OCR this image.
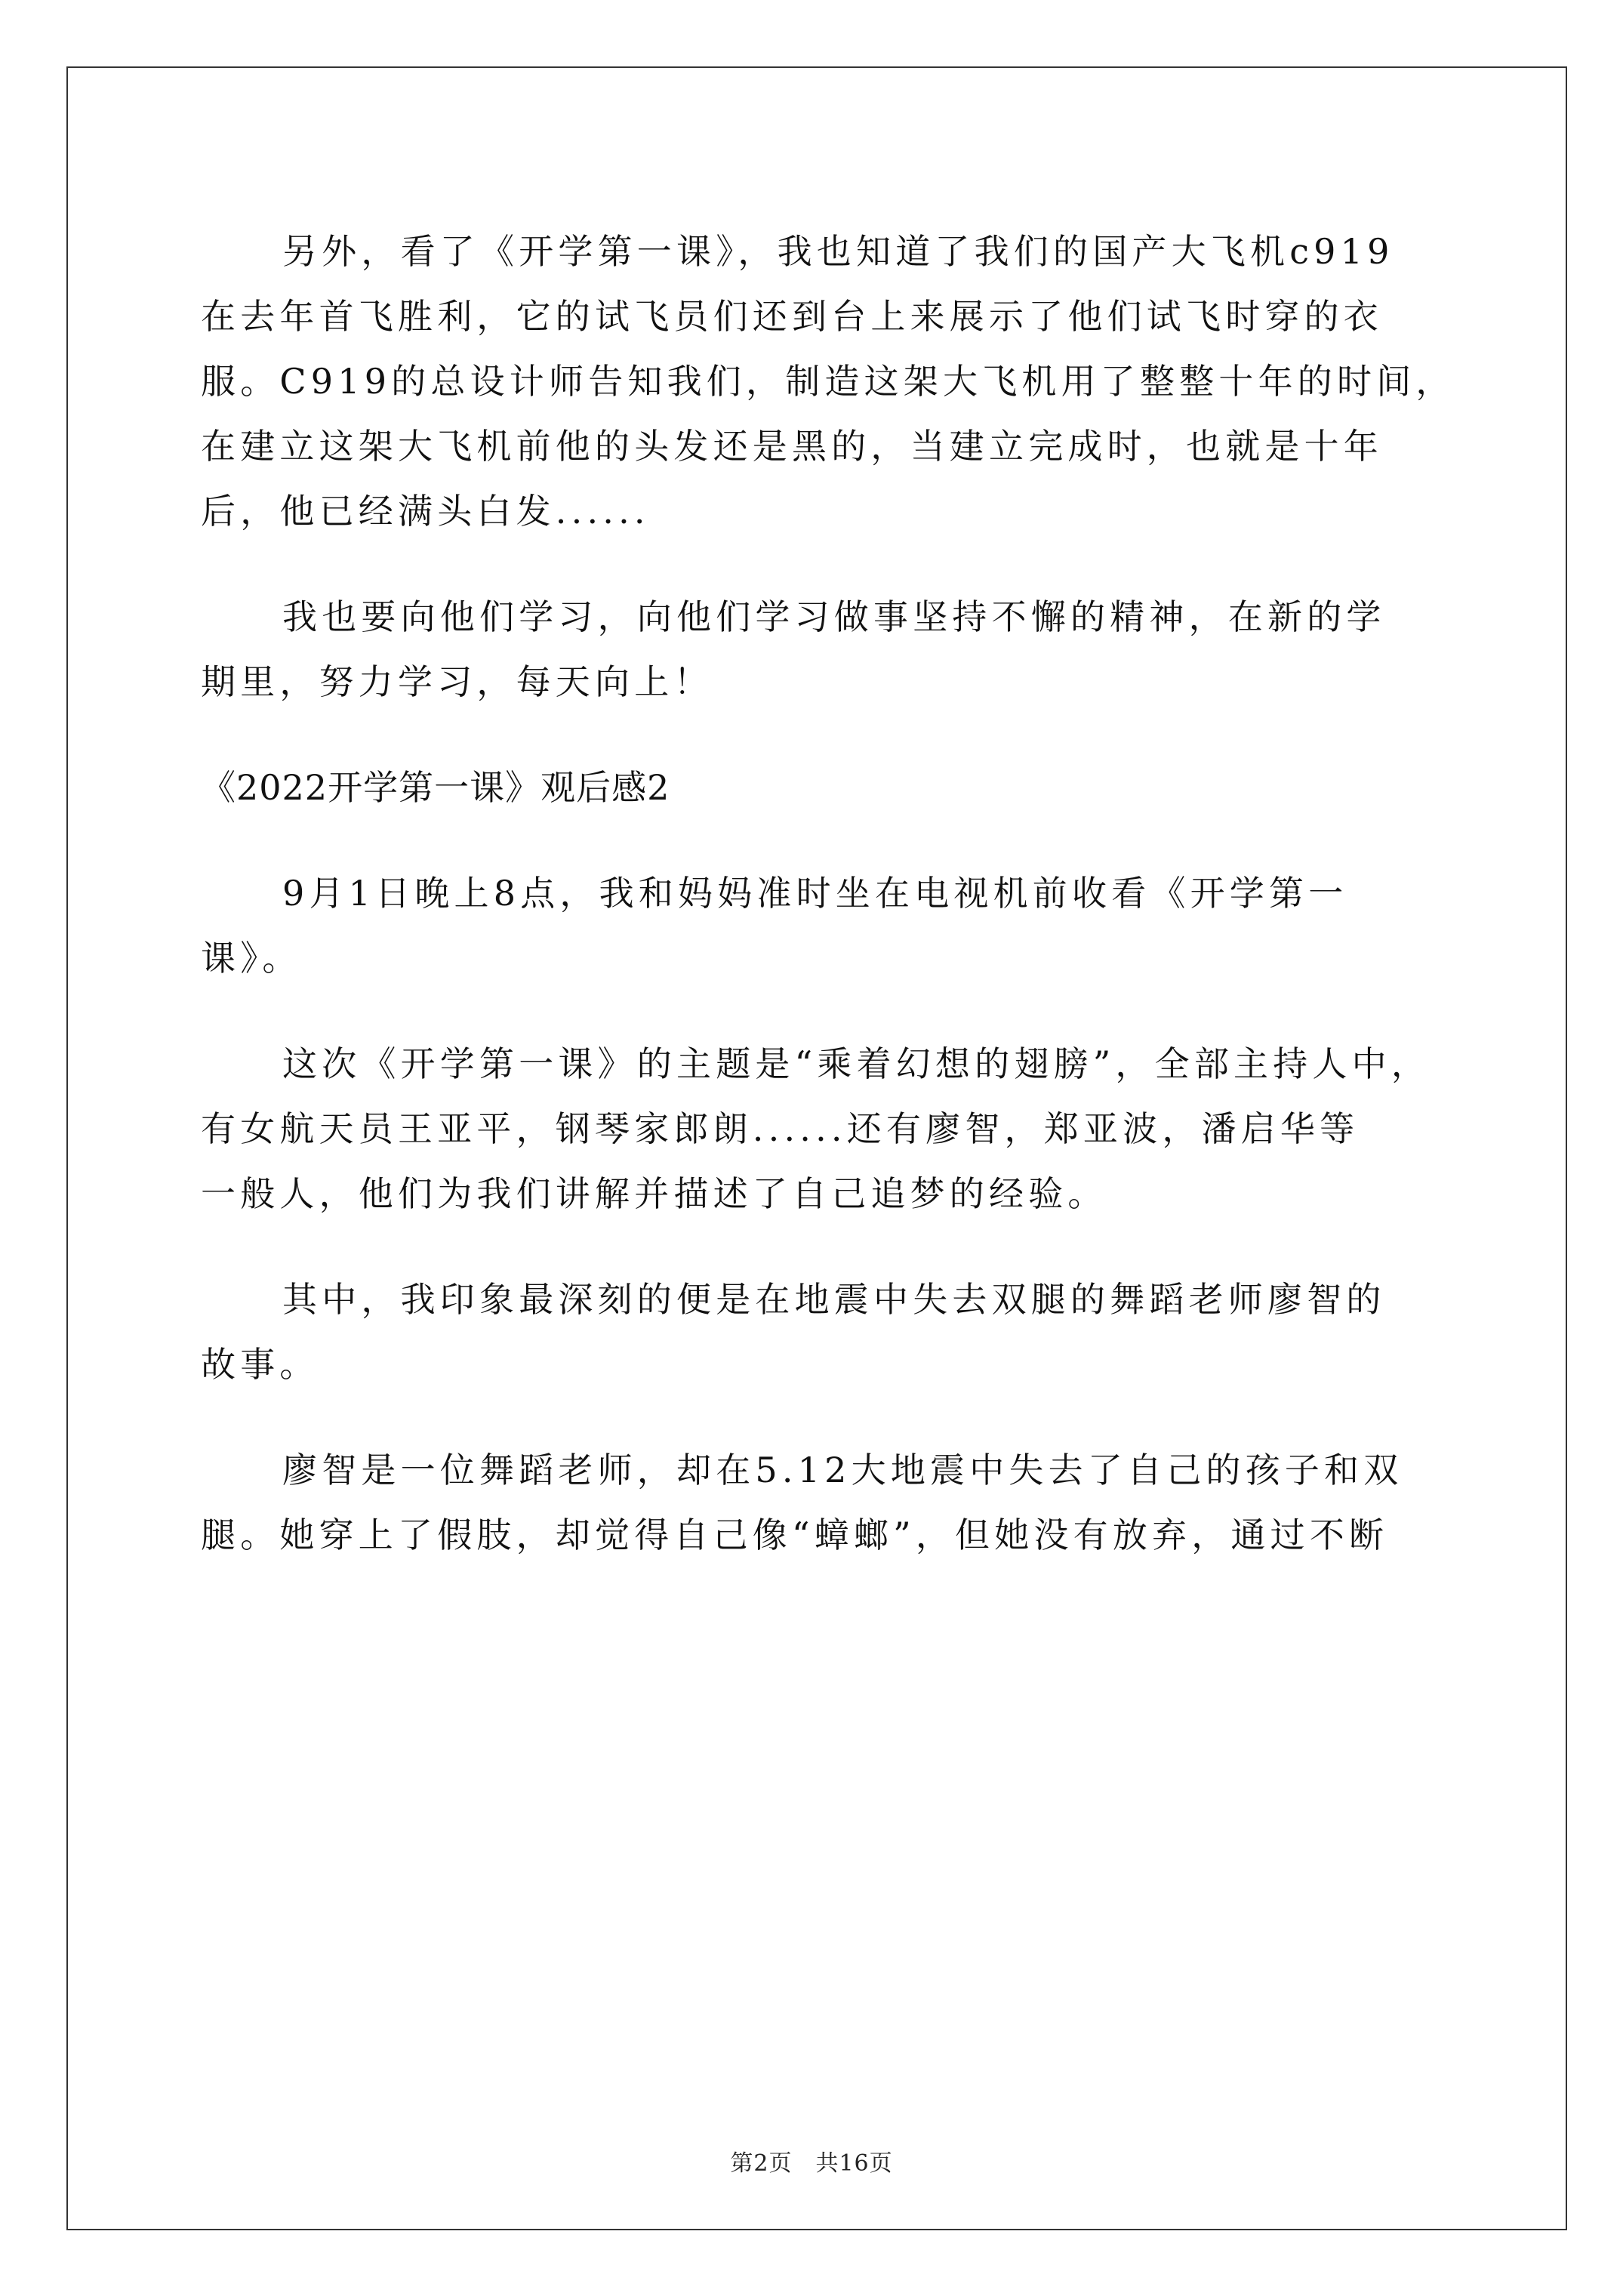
另外，看了《开学第一课》，我也知道了我们的国产大飞机c919
在去年首飞胜利，它的试飞员们还到台上来展示了他们试飞时穿的衣
服。C919的总设计师告知我们，制造这架大飞机用了整整十年的时间，
在建立这架大飞机前他的头发还是黑的，当建立完成时，也就是十年
后，他已经满头白发......
我也要向他们学习，向他们学习做事坚持不懈的精神，在新的学
期里，努力学习，每天向上！
《2022开学第一课》观后感2
9月1日晚上8点，我和妈妈准时坐在电视机前收看《开学第一
课》。
这次《开学第一课》的主题是“乘着幻想的翅膀”，全部主持人中，
有女航天员王亚平，钢琴家郎朗......还有廖智，郑亚波，潘启华等
一般人，他们为我们讲解并描述了自己追梦的经验。
其中，我印象最深刻的便是在地震中失去双腿的舞蹈老师廖智的
故事。
廖智是一位舞蹈老师，却在5.12大地震中失去了自己的孩子和双
腿。她穿上了假肢，却觉得自己像“蟑螂”，但她没有放弃，通过不断
第2页　共16页
